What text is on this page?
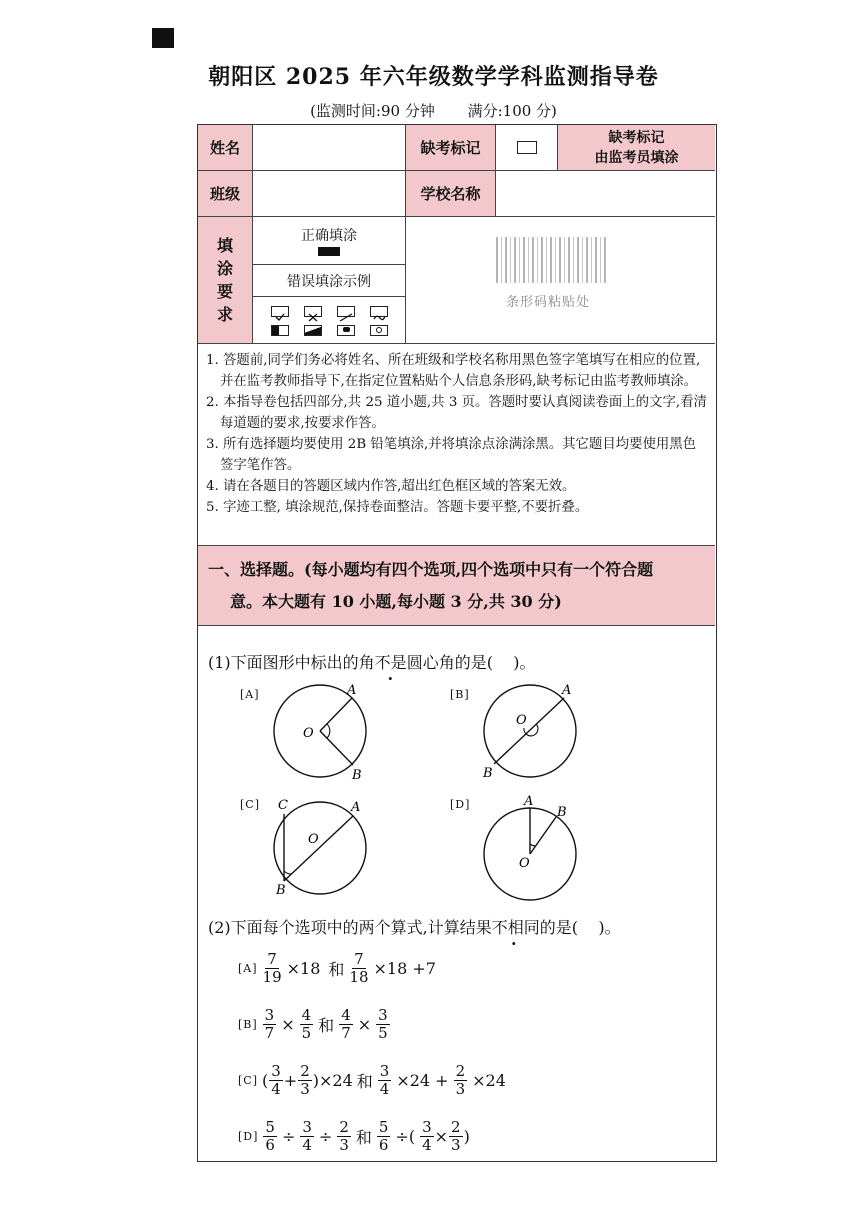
朝阳区 2025 年六年级数学学科监测指导卷
(监测时间:90 分钟 满分:100 分)
姓名	缺考标记
缺考标记
由监考员填涂
班级	学校名称
填
涂
要
求
正确填涂
错误填涂示例
条形码粘贴处

1. 答题前,同学们务必将姓名、所在班级和学校名称用黑色签字笔填写在相应的位置,并在监考教师指导下,在指定位置粘贴个人信息条形码,缺考标记由监考教师填涂。

2. 本指导卷包括四部分,共 25 道小题,共 3 页。答题时要认真阅读卷面上的文字,看清每道题的要求,按要求作答。

3. 所有选择题均要使用 2B 铅笔填涂,并将填涂点涂满涂黑。其它题目均要使用黑色签字笔作答。

4. 请在各题目的答题区域内作答,超出红色框区域的答案无效。

5. 字迹工整, 填涂规范,保持卷面整洁。答题卡要平整,不要折叠。

一、选择题。(每小题均有四个选项,四个选项中只有一个符合题
意。本大题有 10 小题,每小题 3 分,共 30 分)
(1)下面图形中标出的角不是圆心角的是(    )。
[A]
O
A
B
[B]
O
A
B
[C]
O
C	A
B
[D]
O
A
B
(2)下面每个选项中的两个算式,计算结果不相同的是(    )。
$[A] \frac{7}{19} \times 18$ 和 $\frac{7}{18} \times 18 +7$
$[B] \frac{3}{7} \times \frac{4}{5}$ 和 $\frac{4}{7} \times \frac{3}{5}$
[C] ( $\frac{3}{4} + \frac{2}{3} )\times 24$ 和 $\frac{3}{4} \times 24 + \frac{2}{3} \times 24$
$[D] \frac{5}{6} \div \frac{3}{4} \div \frac{2}{3}$ 和 $\frac{5}{6}$ ÷( $\frac{3}{4} \times \frac{2}{3}$ )
